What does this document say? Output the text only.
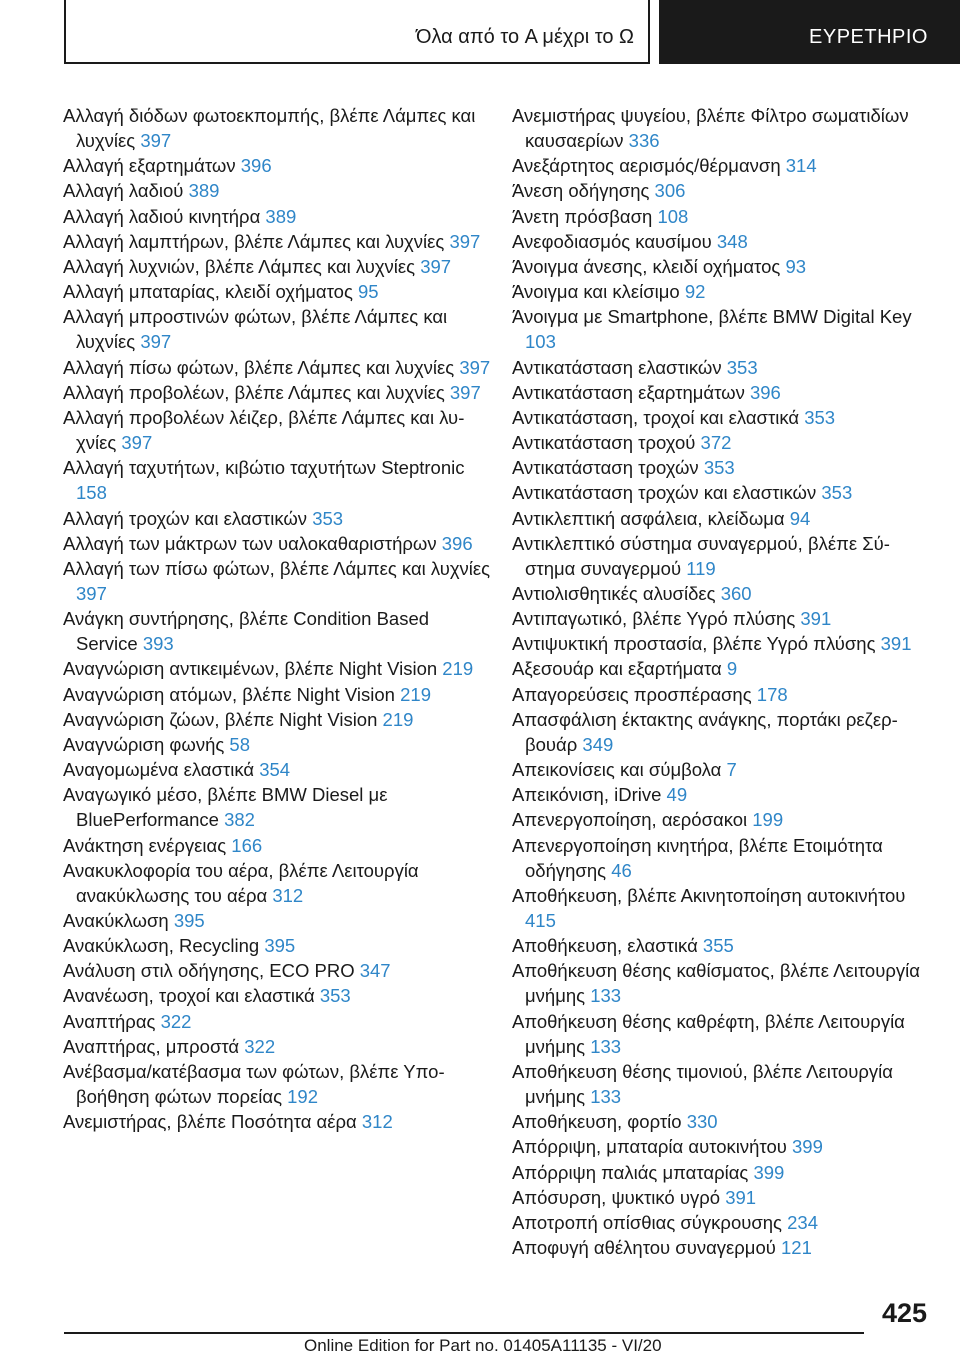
Όλα από το A μέχρι το Ω	ΕΥΡΕΤΗΡΙΟ
Αλλαγή διόδων φωτοεκπομπής, βλέπε Λάμπες και λυχνίες 397
Αλλαγή εξαρτημάτων 396
Αλλαγή λαδιού 389
Αλλαγή λαδιού κινητήρα 389
Αλλαγή λαμπτήρων, βλέπε Λάμπες και λυχνίες 397
Αλλαγή λυχνιών, βλέπε Λάμπες και λυχνίες 397
Αλλαγή μπαταρίας, κλειδί οχήματος 95
Αλλαγή μπροστινών φώτων, βλέπε Λάμπες και λυχνίες 397
Αλλαγή πίσω φώτων, βλέπε Λάμπες και λυχνίες 397
Αλλαγή προβολέων, βλέπε Λάμπες και λυχνίες 397
Αλλαγή προβολέων λέιζερ, βλέπε Λάμπες και λυχνίες 397
Αλλαγή ταχυτήτων, κιβώτιο ταχυτήτων Steptronic 158
Αλλαγή τροχών και ελαστικών 353
Αλλαγή των μάκτρων των υαλοκαθαριστήρων 396
Αλλαγή των πίσω φώτων, βλέπε Λάμπες και λυχνίες 397
Ανάγκη συντήρησης, βλέπε Condition Based Service 393
Αναγνώριση αντικειμένων, βλέπε Night Vision 219
Αναγνώριση ατόμων, βλέπε Night Vision 219
Αναγνώριση ζώων, βλέπε Night Vision 219
Αναγνώριση φωνής 58
Αναγομωμένα ελαστικά 354
Αναγωγικό μέσο, βλέπε BMW Diesel με BluePerformance 382
Ανάκτηση ενέργειας 166
Ανακυκλοφορία του αέρα, βλέπε Λειτουργία ανακύκλωσης του αέρα 312
Ανακύκλωση 395
Ανακύκλωση, Recycling 395
Ανάλυση στιλ οδήγησης, ECO PRO 347
Ανανέωση, τροχοί και ελαστικά 353
Αναπτήρας 322
Αναπτήρας, μπροστά 322
Ανέβασμα/κατέβασμα των φώτων, βλέπε Υποβοήθηση φώτων πορείας 192
Ανεμιστήρας, βλέπε Ποσότητα αέρα 312
Ανεμιστήρας ψυγείου, βλέπε Φίλτρο σωματιδίων καυσαερίων 336
Ανεξάρτητος αερισμός/θέρμανση 314
Άνεση οδήγησης 306
Άνετη πρόσβαση 108
Ανεφοδιασμός καυσίμου 348
Άνοιγμα άνεσης, κλειδί οχήματος 93
Άνοιγμα και κλείσιμο 92
Άνοιγμα με Smartphone, βλέπε BMW Digital Key 103
Αντικατάσταση ελαστικών 353
Αντικατάσταση εξαρτημάτων 396
Αντικατάσταση, τροχοί και ελαστικά 353
Αντικατάσταση τροχού 372
Αντικατάσταση τροχών 353
Αντικατάσταση τροχών και ελαστικών 353
Αντικλεπτική ασφάλεια, κλείδωμα 94
Αντικλεπτικό σύστημα συναγερμού, βλέπε Σύστημα συναγερμού 119
Αντιολισθητικές αλυσίδες 360
Αντιπαγωτικό, βλέπε Υγρό πλύσης 391
Αντιψυκτική προστασία, βλέπε Υγρό πλύσης 391
Αξεσουάρ και εξαρτήματα 9
Απαγορεύσεις προσπέρασης 178
Απασφάλιση έκτακτης ανάγκης, πορτάκι ρεζερβουάρ 349
Απεικονίσεις και σύμβολα 7
Απεικόνιση, iDrive 49
Απενεργοποίηση, αερόσακοι 199
Απενεργοποίηση κινητήρα, βλέπε Ετοιμότητα οδήγησης 46
Αποθήκευση, βλέπε Ακινητοποίηση αυτοκινήτου 415
Αποθήκευση, ελαστικά 355
Αποθήκευση θέσης καθίσματος, βλέπε Λειτουργία μνήμης 133
Αποθήκευση θέσης καθρέφτη, βλέπε Λειτουργία μνήμης 133
Αποθήκευση θέσης τιμονιού, βλέπε Λειτουργία μνήμης 133
Αποθήκευση, φορτίο 330
Απόρριψη, μπαταρία αυτοκινήτου 399
Απόρριψη παλιάς μπαταρίας 399
Απόσυρση, ψυκτικό υγρό 391
Αποτροπή οπίσθιας σύγκρουσης 234
Αποφυγή αθέλητου συναγερμού 121
425
Online Edition for Part no. 01405A11135 - VI/20
